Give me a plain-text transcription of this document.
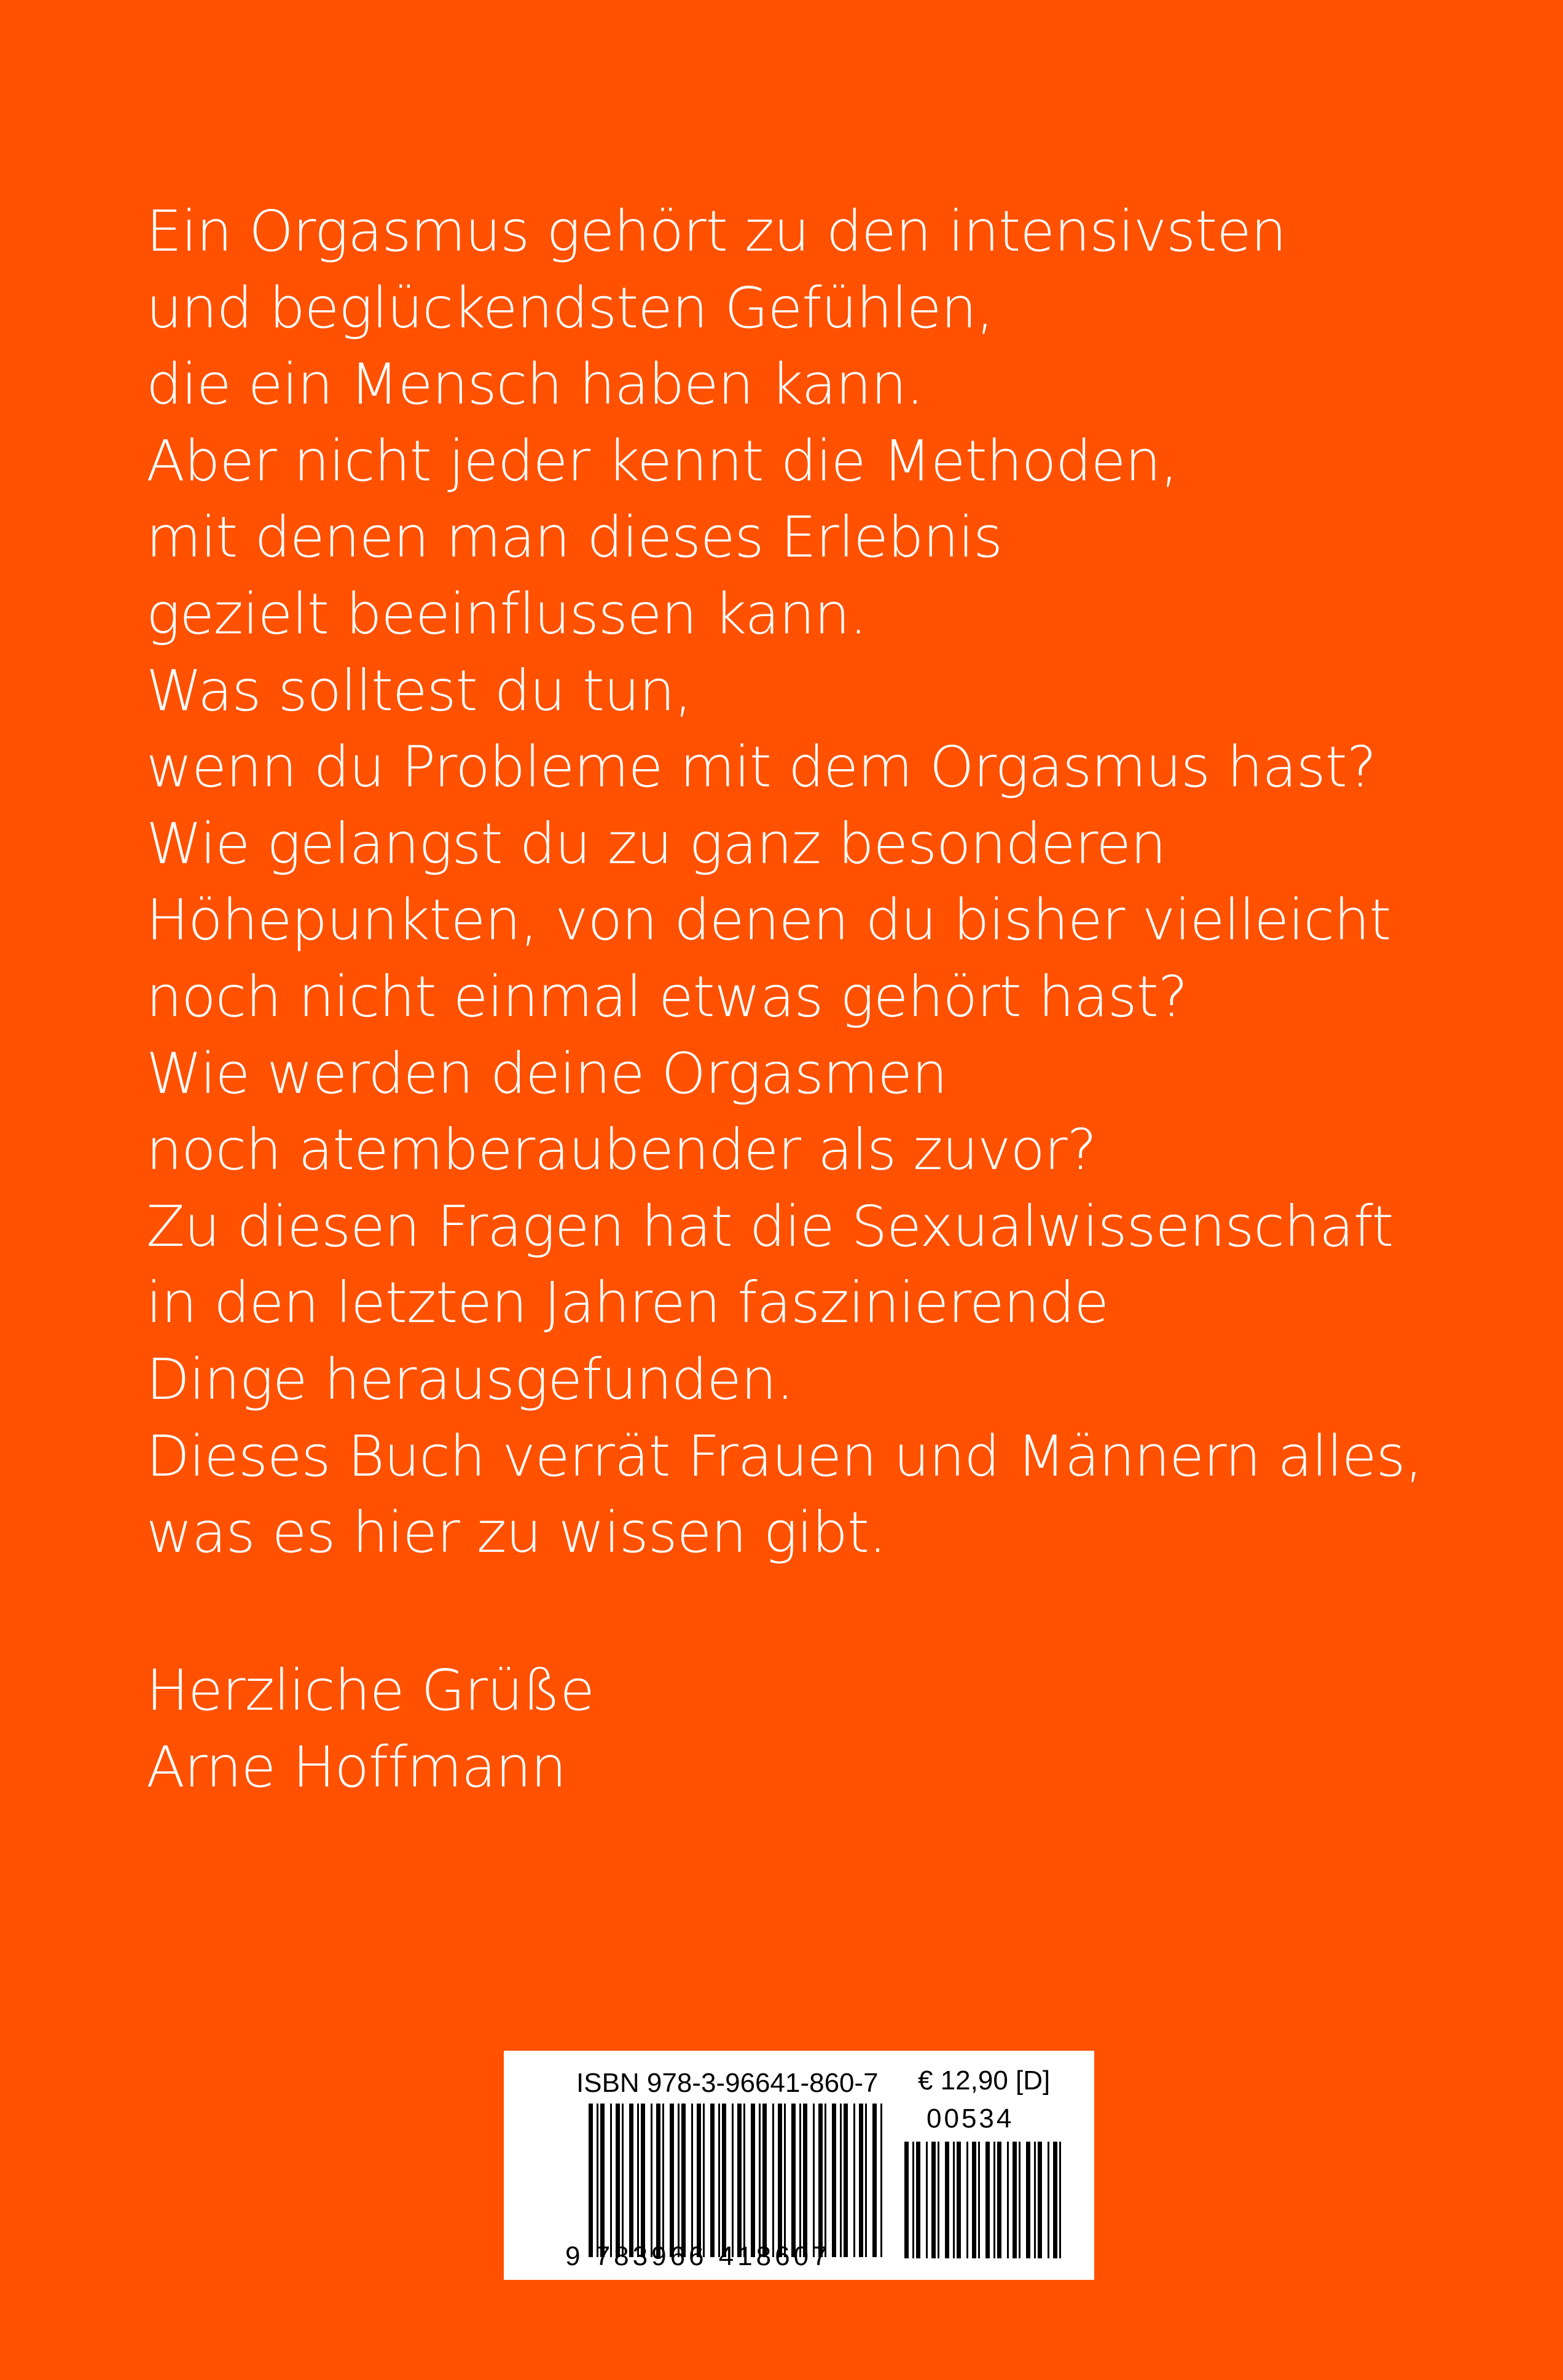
Ein Orgasmus gehört zu den intensivsten
und beglückendsten Gefühlen,
die ein Mensch haben kann.
Aber nicht jeder kennt die Methoden,
mit denen man dieses Erlebnis
gezielt beeinflussen kann.
Was solltest du tun,
wenn du Probleme mit dem Orgasmus hast?
Wie gelangst du zu ganz besonderen
Höhepunkten, von denen du bisher vielleicht
noch nicht einmal etwas gehört hast?
Wie werden deine Orgasmen
noch atemberaubender als zuvor?
Zu diesen Fragen hat die Sexualwissenschaft
in den letzten Jahren faszinierende
Dinge herausgefunden.
Dieses Buch verrät Frauen und Männern alles,
was es hier zu wissen gibt.
Herzliche Grüße
Arne Hoffmann
ISBN 978-3-96641-860-7 € 12,90 [D]
00534
9 783966 418607
